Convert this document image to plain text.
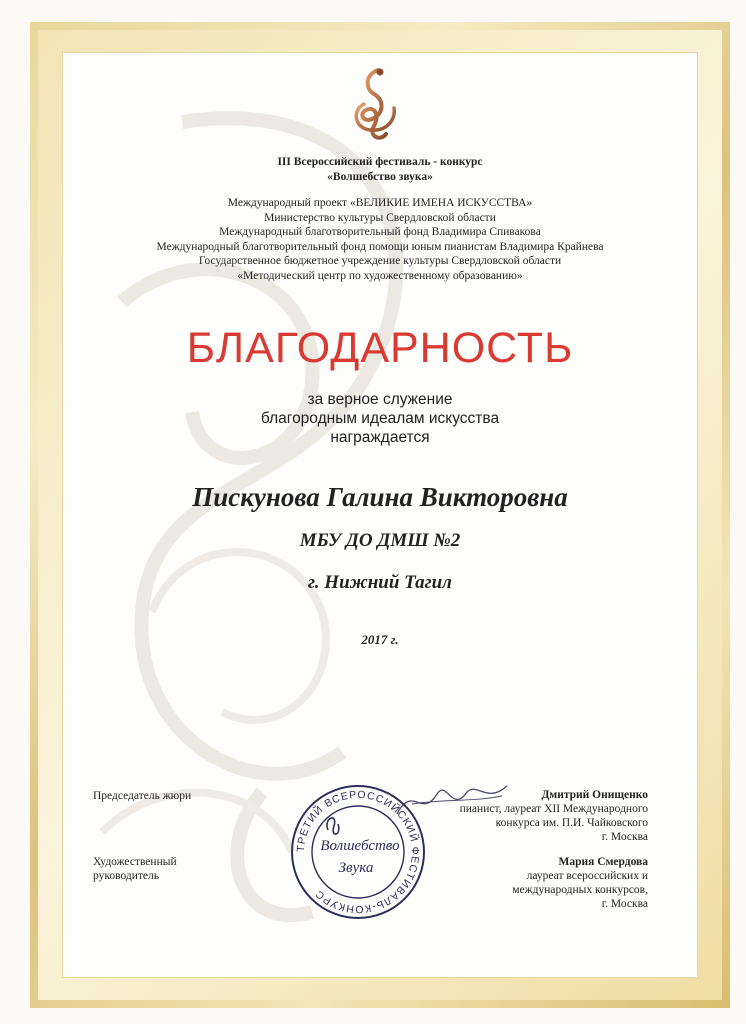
III Всероссийский фестиваль - конкурс
«Волшебство звука»
Международный проект «ВЕЛИКИЕ ИМЕНА ИСКУССТВА»
Министерство культуры Свердловской области
Международный благотворительный фонд Владимира Спивакова
Международный благотворительный фонд помощи юным пианистам Владимира Крайнева
Государственное бюджетное учреждение культуры Свердловской области
«Методический центр по художественному образованию»
БЛАГОДАРНОСТЬ
за верное служение
благородным идеалам искусства
награждается
Пискунова Галина Викторовна
МБУ ДО ДМШ №2
г. Нижний Тагил
2017 г.
Председатель жюри
Художественный
руководитель
Дмитрий Онищенко
пианист, лауреат XII Международного
конкурса им. П.И. Чайковского
г. Москва
Мария Смердова
лауреат всероссийских и
международных конкурсов,
г. Москва
ТРЕТИЙ ВСЕРОССИЙСКИЙ ФЕСТИВАЛЬ-КОНКУРС
Волшебство
Звука
